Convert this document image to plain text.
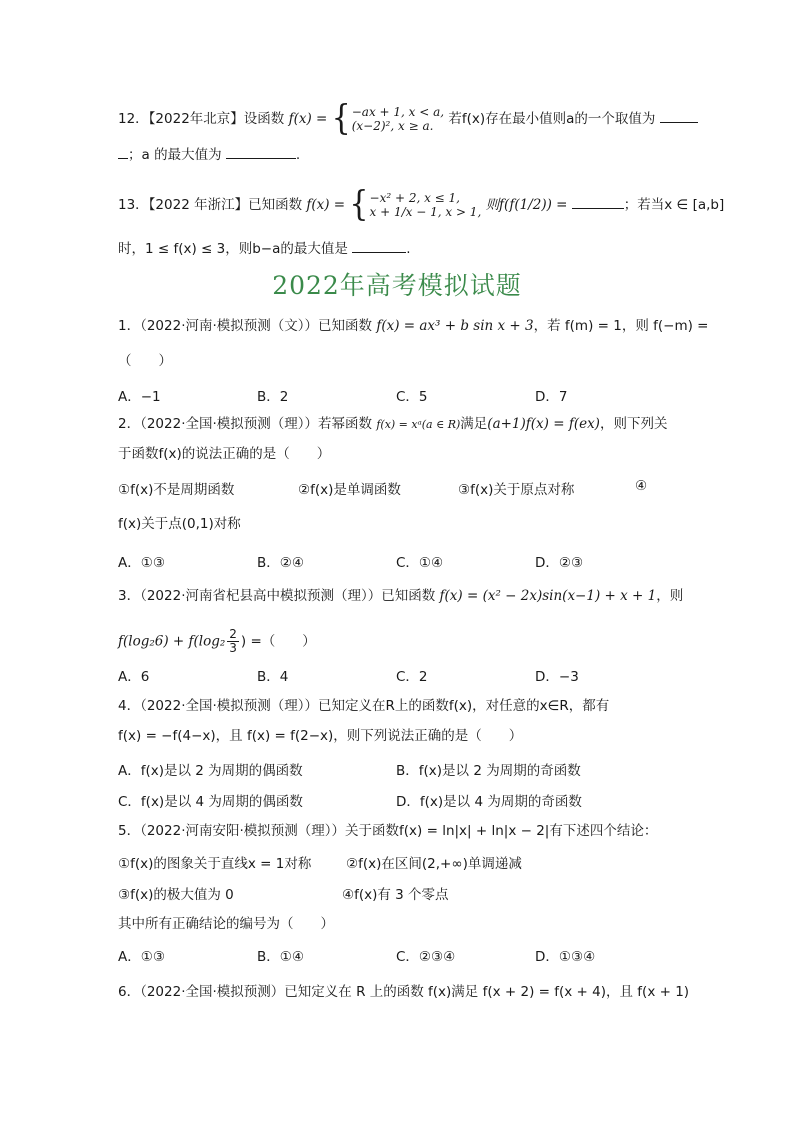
12．【2022年北京】设函数 f(x) = { −ax + 1, x < a,
(x−2)², x ≥ a.	若f(x)存在最小值则a的一个取值为
；a 的最大值为	.
13．【2022 年浙江】已知函数 f(x) = { −x² + 2, x ≤ 1,
x + 1/x − 1, x > 1, 则f(f(1/2)) =	；若当x ∈ [a,b]
时，1 ≤ f(x) ≤ 3，则b−a的最大值是	.
2022年高考模拟试题
1．（2022·河南·模拟预测（文））已知函数 f(x) = ax³ + b sin x + 3，若 f(m) = 1，则 f(−m) =
（　　）
A．−1	B．2	C．5	D．7
2．（2022·全国·模拟预测（理））若幂函数 f(x) = xᵃ(a ∈ R)满足(a+1)f(x) = f(ex)，则下列关
于函数f(x)的说法正确的是（　　）
①f(x)不是周期函数	②f(x)是单调函数	③f(x)关于原点对称	④
f(x)关于点(0,1)对称
A．①③	B．②④	C．①④	D．②③
3．（2022·河南省杞县高中模拟预测（理））已知函数 f(x) = (x² − 2x)sin(x−1) + x + 1，则
$f(\log_26) + f(\log_2 \frac{2}{3}$ ) =（　　）
A．6	B．4	C．2	D．−3
4．（2022·全国·模拟预测（理））已知定义在R上的函数f(x)，对任意的x∈R，都有
f(x) = −f(4−x)，且 f(x) = f(2−x)，则下列说法正确的是（　　）
A．f(x)是以 2 为周期的偶函数	B．f(x)是以 2 为周期的奇函数
C．f(x)是以 4 为周期的偶函数	D．f(x)是以 4 为周期的奇函数
5．（2022·河南安阳·模拟预测（理））关于函数f(x) = ln|x| + ln|x − 2|有下述四个结论：
①f(x)的图象关于直线x = 1对称	②f(x)在区间(2,+∞)单调递减
③f(x)的极大值为 0	④f(x)有 3 个零点
其中所有正确结论的编号为（　　）
A．①③	B．①④	C．②③④	D．①③④
6．（2022·全国·模拟预测）已知定义在 R 上的函数 f(x)满足 f(x + 2) = f(x + 4)，且 f(x + 1)
